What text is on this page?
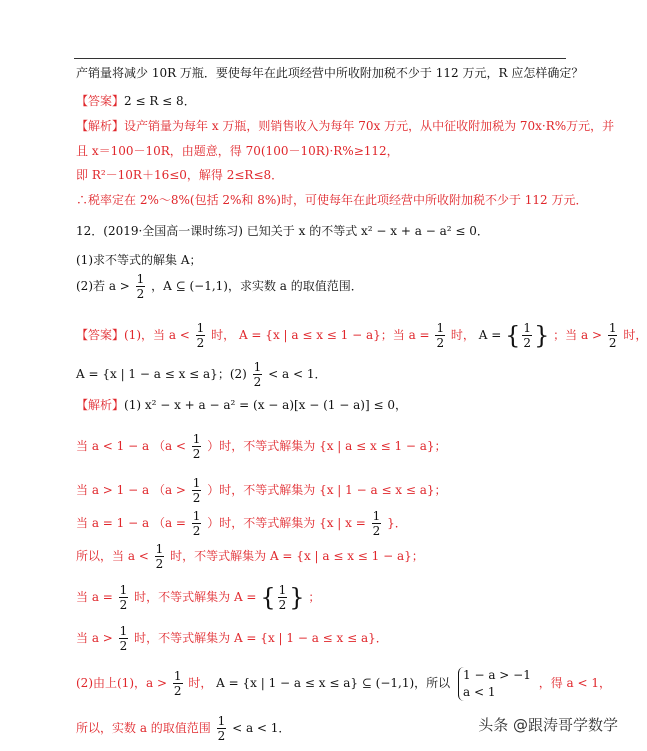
产销量将减少 10R 万瓶．要使每年在此项经营中所收附加税不少于 112 万元，R 应怎样确定？
【答案】2 ≤ R ≤ 8．
【解析】设产销量为每年 x 万瓶，则销售收入为每年 70x 万元，从中征收附加税为 70x·R%万元，并
且 x＝100－10R，由题意，得 70(100－10R)·R%≥112，
即 R²－10R＋16≤0，解得 2≤R≤8．
∴税率定在 2%～8%(包括 2%和 8%)时，可使每年在此项经营中所收附加税不少于 112 万元．
12．(2019·全国高一课时练习) 已知关于 x 的不等式 x² − x + a − a² ≤ 0．
(1)求不等式的解集 A；
(2)若 $a > \frac{1}{2}$ ，A ⊆ (−1,1)，求实数 a 的取值范围．
【答案】(1)，当 $a < \frac{1}{2}$ 时， A = {x | a ≤ x ≤ 1 − a}；当 $a = \frac{1}{2}$ 时， A = { $\frac{1}{2}$ } ；当 $a > \frac{1}{2}$ 时，
A = {x | 1 − a ≤ x ≤ a}；$(2) \frac{1}{2} < a < 1$．
【解析】(1) x² − x + a − a² = (x − a)[x − (1 − a)] ≤ 0，
当 a < 1 − a （$a < \frac{1}{2}$ ）时，不等式解集为 {x | a ≤ x ≤ 1 − a}；
当 a > 1 − a （$a > \frac{1}{2}$ ）时，不等式解集为 {x | 1 − a ≤ x ≤ a}；
当 a = 1 − a （$a = \frac{1}{2}$ ）时，不等式解集为 {x | $x = \frac{1}{2}$ }．
所以，当 $a < \frac{1}{2}$ 时，不等式解集为 A = {x | a ≤ x ≤ 1 − a}；
当 $a = \frac{1}{2}$ 时，不等式解集为 A = { $\frac{1}{2}$ } ；
当 $a > \frac{1}{2}$ 时，不等式解集为 A = {x | 1 − a ≤ x ≤ a}．
(2)由上(1)，$a > \frac{1}{2}$ 时， A = {x | 1 − a ≤ x ≤ a} ⊆ (−1,1)，所以
1 − a > −1
a < 1
，得 a < 1，
所以，实数 a 的取值范围 $\frac{1}{2} < a < 1$．	头条 @跟涛哥学数学
